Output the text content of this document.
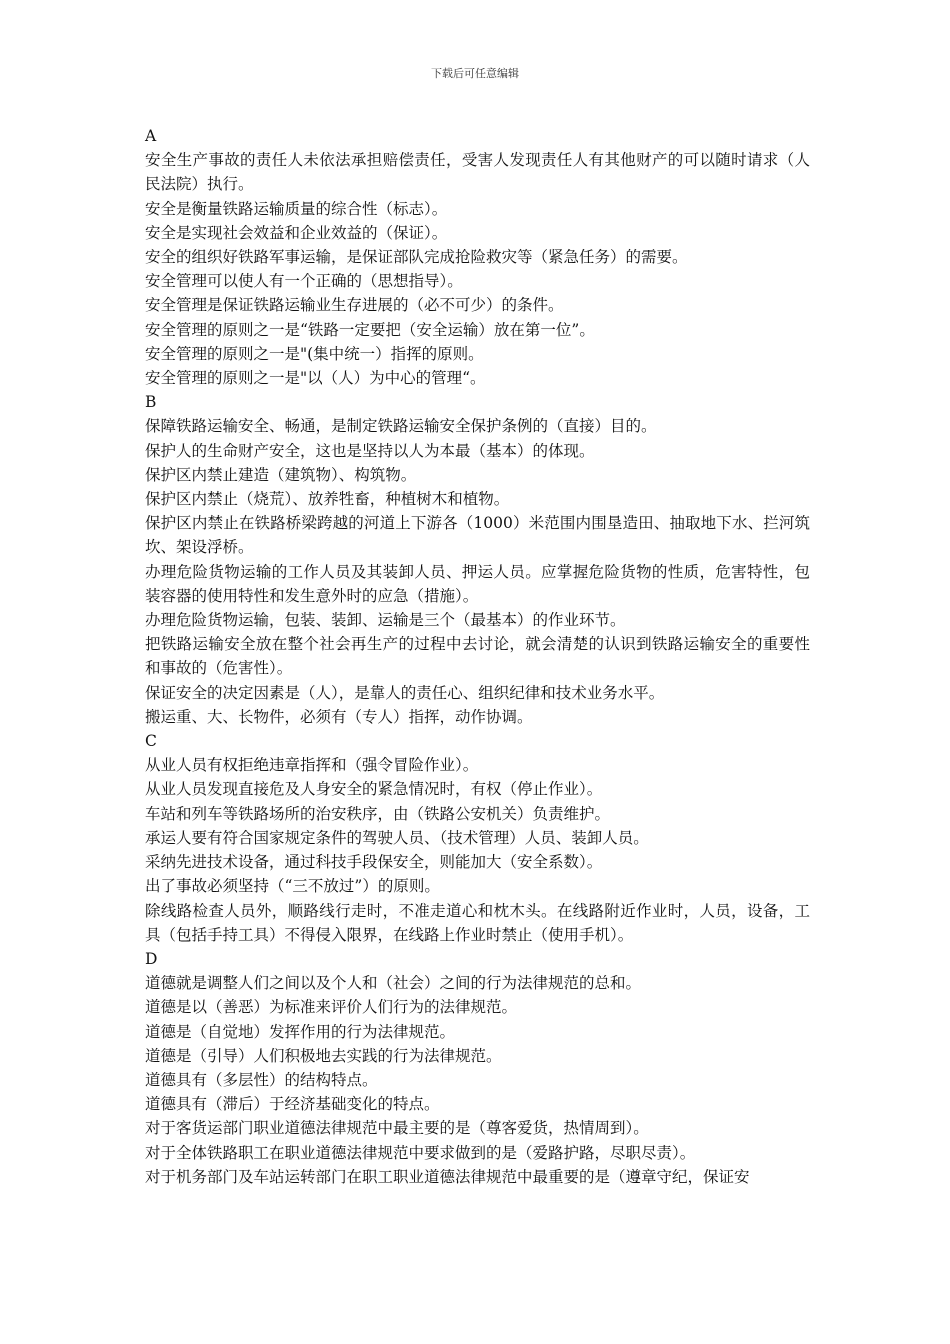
下载后可任意编辑

A

安全生产事故的责任人未依法承担赔偿责任，受害人发现责任人有其他财产的可以随时请求（人民法院）执行。

安全是衡量铁路运输质量的综合性（标志）。

安全是实现社会效益和企业效益的（保证）。

安全的组织好铁路军事运输，是保证部队完成抢险救灾等（紧急任务）的需要。

安全管理可以使人有一个正确的（思想指导）。

安全管理是保证铁路运输业生存进展的（必不可少）的条件。

安全管理的原则之一是“铁路一定要把（安全运输）放在第一位”。

安全管理的原则之一是"(集中统一）指挥的原则。

安全管理的原则之一是"以（人）为中心的管理“。

B

保障铁路运输安全、畅通，是制定铁路运输安全保护条例的（直接）目的。

保护人的生命财产安全，这也是坚持以人为本最（基本）的体现。

保护区内禁止建造（建筑物）、构筑物。

保护区内禁止（烧荒）、放养牲畜，种植树木和植物。

保护区内禁止在铁路桥梁跨越的河道上下游各（1000）米范围内围垦造田、抽取地下水、拦河筑坎、架设浮桥。

办理危险货物运输的工作人员及其装卸人员、押运人员。应掌握危险货物的性质，危害特性，包装容器的使用特性和发生意外时的应急（措施）。

办理危险货物运输，包装、装卸、运输是三个（最基本）的作业环节。

把铁路运输安全放在整个社会再生产的过程中去讨论，就会清楚的认识到铁路运输安全的重要性和事故的（危害性）。

保证安全的决定因素是（人），是靠人的责任心、组织纪律和技术业务水平。

搬运重、大、长物件，必须有（专人）指挥，动作协调。

C

从业人员有权拒绝违章指挥和（强令冒险作业）。

从业人员发现直接危及人身安全的紧急情况时，有权（停止作业）。

车站和列车等铁路场所的治安秩序，由（铁路公安机关）负责维护。

承运人要有符合国家规定条件的驾驶人员、（技术管理）人员、装卸人员。

采纳先进技术设备，通过科技手段保安全，则能加大（安全系数）。

出了事故必须坚持（“三不放过”）的原则。

除线路检查人员外，顺路线行走时，不准走道心和枕木头。在线路附近作业时，人员，设备，工具（包括手持工具）不得侵入限界，在线路上作业时禁止（使用手机）。

D

道德就是调整人们之间以及个人和（社会）之间的行为法律规范的总和。

道德是以（善恶）为标准来评价人们行为的法律规范。

道德是（自觉地）发挥作用的行为法律规范。

道德是（引导）人们积极地去实践的行为法律规范。

道德具有（多层性）的结构特点。

道德具有（滞后）于经济基础变化的特点。

对于客货运部门职业道德法律规范中最主要的是（尊客爱货，热情周到）。

对于全体铁路职工在职业道德法律规范中要求做到的是（爱路护路，尽职尽责）。

对于机务部门及车站运转部门在职工职业道德法律规范中最重要的是（遵章守纪，保证安
